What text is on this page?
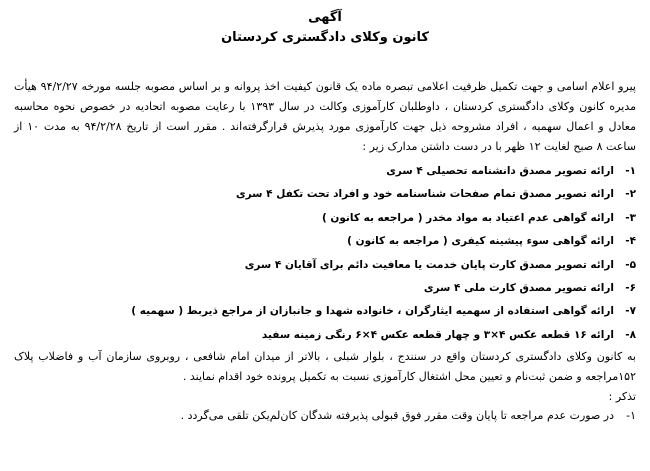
آگهی
کانون وکلای دادگستری کردستان
پیرو اعلام اسامی و جهت تکمیل ظرفیت اعلامی تبصره ماده یک قانون کیفیت اخذ پروانه و بر اساس مصوبه جلسه مورخه ۹۴/۲/۲۷ هیأت مدیره کانون وکلای دادگستری کردستان ، داوطلبان کارآموزی وکالت در سال ۱۳۹۳ با رعایت مصوبه اتحادیه در خصوص نحوه محاسبه معادل و اعمال سهمیه ، افراد مشروحه ذیل جهت کارآموزی مورد پذیرش قرارگرفته‌اند . مقرر است از تاریخ ۹۴/۲/۲۸ به مدت ۱۰ از ساعت ۸ صبح لغایت ۱۲ ظهر با در دست داشتن مدارک زیر :
۱-
ارائه تصویر مصدق دانشنامه تحصیلی ۴ سری
۲-
ارائه تصویر مصدق تمام صفحات شناسنامه خود و افراد تحت تکفل ۴ سری
۳-
ارائه گواهی عدم اعتیاد به مواد مخدر ( مراجعه به کانون )
۴-
ارائه گواهی سوء پیشینه کیفری ( مراجعه به کانون )
۵-
ارائه تصویر مصدق کارت پایان خدمت یا معافیت دائم برای آقایان ۴ سری
۶-
ارائه تصویر مصدق کارت ملی ۴ سری
۷-
ارائه گواهی استفاده از سهمیه ایثارگران ، خانواده شهدا و جانبازان از مراجع ذیربط ( سهمیه )
۸-
ارائه ۱۶ قطعه عکس ۴×۳ و چهار قطعه عکس ۴×۶ رنگی زمینه سفید
به کانون وکلای دادگستری کردستان واقع در سنندج ، بلوار شبلی ، بالاتر از میدان امام شافعی ، روبروی سازمان آب و فاضلاب پلاک ۱۵۲مراجعه و ضمن ثبت‌نام و تعیین محل اشتغال کارآموزی نسبت به تکمیل پرونده خود اقدام نمایند .
تذکر :
۱-
در صورت عدم مراجعه تا پایان وقت مقرر فوق قبولی پذیرفته شدگان کان‌لم‌یکن تلقی می‌گردد .
